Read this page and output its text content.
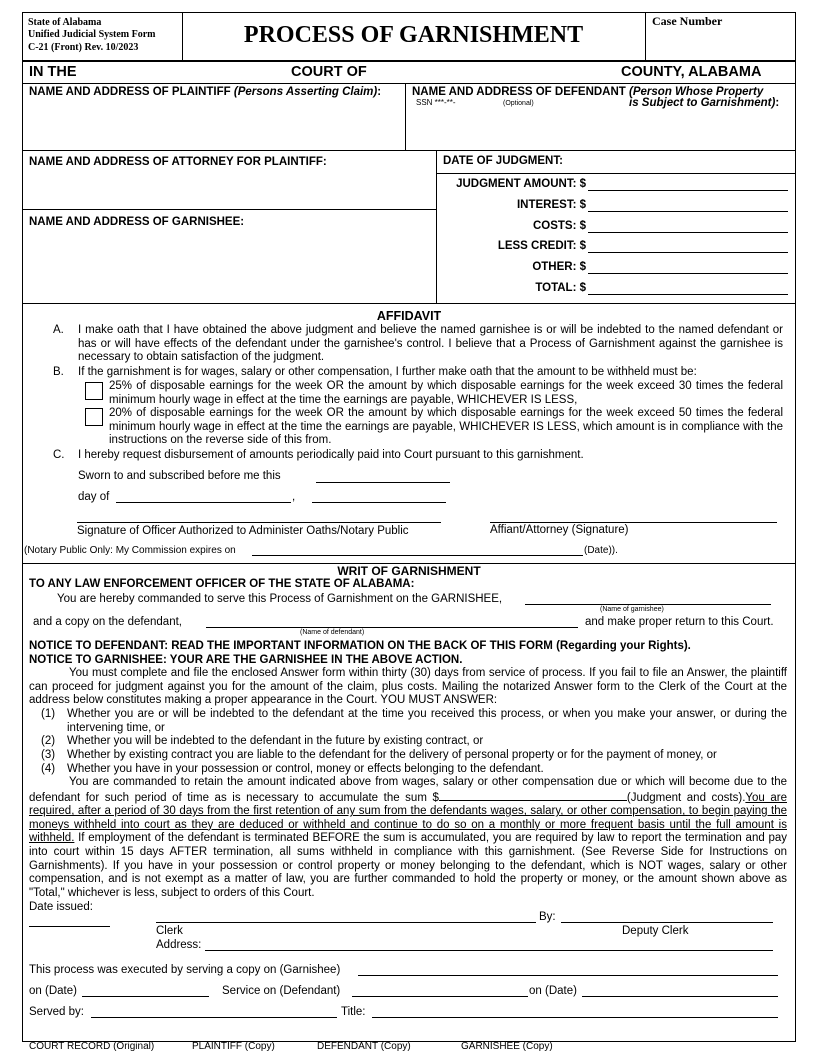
State of Alabama
Unified Judicial System Form
C-21 (Front) Rev. 10/2023	PROCESS OF GARNISHMENT
Case Number
IN THE	COURT OF	COUNTY, ALABAMA
NAME AND ADDRESS OF PLAINTIFF (Persons Asserting Claim):	NAME AND ADDRESS OF DEFENDANT (Person Whose Property
SSN ***-**-	(Optional)	is Subject to Garnishment):
NAME AND ADDRESS OF ATTORNEY FOR PLAINTIFF:
NAME AND ADDRESS OF GARNISHEE:
DATE OF JUDGMENT:
JUDGMENT AMOUNT: $
INTEREST: $
COSTS: $
LESS CREDIT: $
OTHER: $
TOTAL: $
AFFIDAVIT
A. I make oath that I have obtained the above judgment and believe the named garnishee is or will be indebted to the named defendant or has or will have effects of the defendant under the garnishee's control. I believe that a Process of Garnishment against the garnishee is necessary to obtain satisfaction of the judgment.

B. If the garnishment is for wages, salary or other compensation, I further make oath that the amount to be withheld must be:

25% of disposable earnings for the week OR the amount by which disposable earnings for the week exceed 30 times the federal minimum hourly wage in effect at the time the earnings are payable, WHICHEVER IS LESS,

20% of disposable earnings for the week OR the amount by which disposable earnings for the week exceed 50 times the federal minimum hourly wage in effect at the time the earnings are payable, WHICHEVER IS LESS, which amount is in compliance with the instructions on the reverse side of this from.

C. I hereby request disbursement of amounts periodically paid into Court pursuant to this garnishment.

Sworn to and subscribed before me this
day of	,
Signature of Officer Authorized to Administer Oaths/Notary Public	Affiant/Attorney (Signature)
(Notary Public Only: My Commission expires on	(Date)).
WRIT OF GARNISHMENT
TO ANY LAW ENFORCEMENT OFFICER OF THE STATE OF ALABAMA:
You are hereby commanded to serve this Process of Garnishment on the GARNISHEE,
(Name of garnishee)
and a copy on the defendant,	and make proper return to this Court.
(Name of defendant)
NOTICE TO DEFENDANT: READ THE IMPORTANT INFORMATION ON THE BACK OF THIS FORM (Regarding your Rights).
NOTICE TO GARNISHEE: YOUR ARE THE GARNISHEE IN THE ABOVE ACTION.

You must complete and file the enclosed Answer form within thirty (30) days from service of process. If you fail to file an Answer, the plaintiff can proceed for judgment against you for the amount of the claim, plus costs. Mailing the notarized Answer form to the Clerk of the Court at the address below constitutes making a proper appearance in the Court. YOU MUST ANSWER:

(1) Whether you are or will be indebted to the defendant at the time you received this process, or when you make your answer, or during the intervening time, or

(2) Whether you will be indebted to the defendant in the future by existing contract, or

(3) Whether by existing contract you are liable to the defendant for the delivery of personal property or for the payment of money, or

(4) Whether you have in your possession or control, money or effects belonging to the defendant.

You are commanded to retain the amount indicated above from wages, salary or other compensation due or which will become due to the defendant for such period of time as is necessary to accumulate the sum $	(Judgment and costs).You are required, after a period of 30 days from the first retention of any sum from the defendants wages, salary, or other compensation, to begin paying the moneys withheld into court as they are deduced or withheld and continue to do so on a monthly or more frequent basis until the full amount is withheld. If employment of the defendant is terminated BEFORE the sum is accumulated, you are required by law to report the termination and pay into court within 15 days AFTER termination, all sums withheld in compliance with this garnishment. (See Reverse Side for Instructions on Garnishments). If you have in your possession or control property or money belonging to the defendant, which is NOT wages, salary or other compensation, and is not exempt as a matter of law, you are further commanded to hold the property or money, or the amount shown above as "Total," whichever is less, subject to orders of this Court.

Date issued:
By:
Clerk	Deputy Clerk
Address:
This process was executed by serving a copy on (Garnishee)
on (Date)	Service on (Defendant)	on (Date)
Served by:	Title:
COURT RECORD (Original)	PLAINTIFF (Copy)	DEFENDANT (Copy)	GARNISHEE (Copy)
